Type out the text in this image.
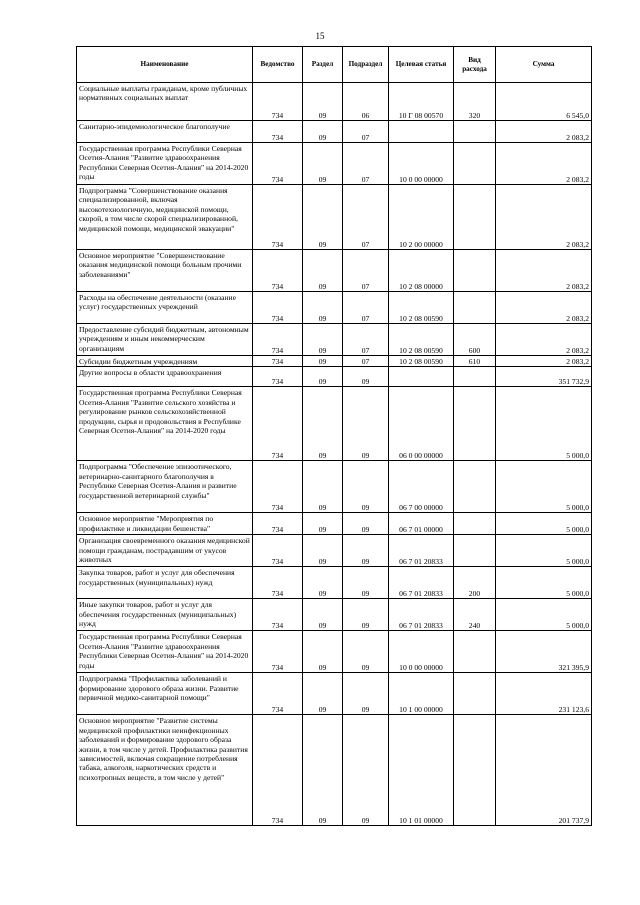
15
Наименование	Ведомство	Раздел	Подраздел	Целевая статья	Вид расхода	Сумма
Социальные выплаты гражданам, кроме публичных нормативных социальных выплат	734	09	06	10 Г 08 00570	320	6 545,0
Санитарно-эпидемиологическое благополучие	734	09	07			2 083,2
Государственная программа Республики Северная Осетия-Алания "Развитие здравоохранения Республики Северная Осетия-Алания" на 2014-2020 годы	734	09	07	10 0 00 00000		2 083,2
Подпрограмма "Совершенствование оказания специализированной, включая высокотехнологичную, медицинской помощи, скорой, в том числе скорой специализированной, медицинской помощи, медицинской эвакуации"	734	09	07	10 2 00 00000		2 083,2
Основное мероприятие "Совершенствование оказания медицинской помощи больным прочими заболеваниями"	734	09	07	10 2 08 00000		2 083,2
Расходы на обеспечение деятельности (оказание услуг) государственных учреждений	734	09	07	10 2 08 00590		2 083,2
Предоставление субсидий бюджетным, автономным учреждениям и иным некоммерческим организациям	734	09	07	10 2 08 00590	600	2 083,2
Субсидии бюджетным учреждениям	734	09	07	10 2 08 00590	610	2 083,2
Другие вопросы в области здравоохранения	734	09	09			351 732,9
Государственная программа Республики Северная Осетия-Алания "Развитие сельского хозяйства и регулирование рынков сельскохозяйственной продукции, сырья и продовольствия в Республике Северная Осетия-Алания" на 2014-2020 годы	734	09	09	06 0 00 00000		5 000,0
Подпрограмма "Обеспечение эпизоотического, ветеринарно-санитарного благополучия в Республике Северная Осетия-Алания и развитие государственной ветеринарной службы"	734	09	09	06 7 00 00000		5 000,0
Основное мероприятие "Мероприятия по профилактике и ликвидации бешенства"	734	09	09	06 7 01 00000		5 000,0
Организация своевременного оказания медицинской помощи гражданам, пострадавшим от укусов животных	734	09	09	06 7 01 20833		5 000,0
Закупка товаров, работ и услуг для обеспечения государственных (муниципальных) нужд	734	09	09	06 7 01 20833	200	5 000,0
Иные закупки товаров, работ и услуг для обеспечения государственных (муниципальных) нужд	734	09	09	06 7 01 20833	240	5 000,0
Государственная программа Республики Северная Осетия-Алания "Развитие здравоохранения Республики Северная Осетия-Алания" на 2014-2020 годы	734	09	09	10 0 00 00000		321 395,9
Подпрограмма "Профилактика заболеваний и формирование здорового образа жизни. Развитие первичной медико-санитарной помощи"	734	09	09	10 1 00 00000		231 123,6
Основное мероприятие "Развитие системы медицинской профилактики неинфекционных заболеваний и формирование здорового образа жизни, в том числе у детей. Профилактика развития зависимостей, включая сокращение потребления табака, алкоголя, наркотических средств и психотропных веществ, в том числе у детей"	734	09	09	10 1 01 00000		201 737,9
